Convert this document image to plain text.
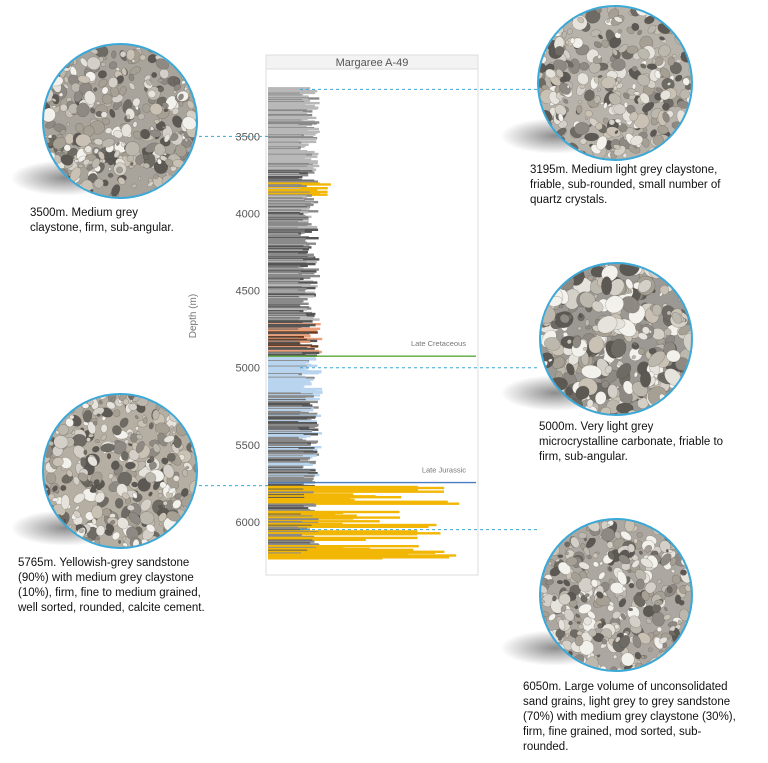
Margaree A-49
Depth (m)
3500
4000
4500
5000
5500
6000
Late Cretaceous
Late Jurassic
3195m. Medium light grey claystone,
friable, sub-rounded, small number of
quartz crystals.
3500m. Medium grey
claystone, firm, sub-angular.
5000m. Very light grey
microcrystalline carbonate, friable to
firm, sub-angular.
5765m. Yellowish-grey sandstone
(90%) with medium grey claystone
(10%), firm, fine to medium grained,
well sorted, rounded, calcite cement.
6050m. Large volume of unconsolidated
sand grains, light grey to grey sandstone
(70%) with medium grey claystone (30%),
firm, fine grained, mod sorted, sub-
rounded.
